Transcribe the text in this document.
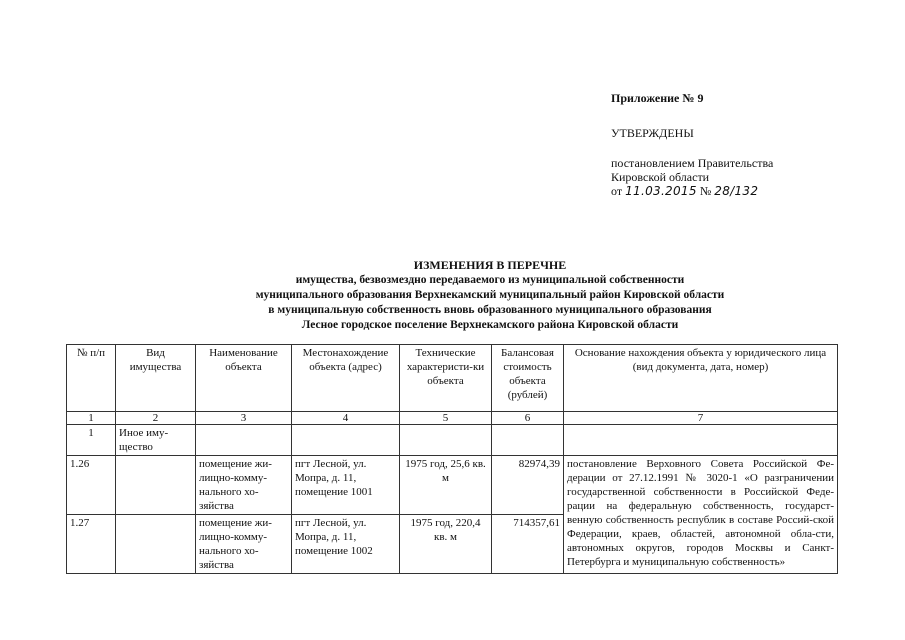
Приложение № 9
УТВЕРЖДЕНЫ
постановлением Правительства
Кировской области
от 11.03.2015 № 28/132
ИЗМЕНЕНИЯ В ПЕРЕЧНЕ
имущества, безвозмездно передаваемого из муниципальной собственности
муниципального образования Верхнекамский муниципальный район Кировской области
в муниципальную собственность вновь образованного муниципального образования
Лесное городское поселение Верхнекамского района Кировской области
№ п/п	Вид имущества	Наименование объекта	Местонахождение объекта (адрес)	Технические характеристи-ки объекта	Балансовая стоимость объекта (рублей)	Основание нахождения объекта у юридического лица (вид документа, дата, номер)
1	2	3	4	5	6	7
1	Иное иму-щество					
1.26		помещение жи-лищно-комму-нального хо-зяйства	пгт Лесной, ул. Мопра, д. 11, помещение 1001	1975 год, 25,6 кв. м	82974,39	постановление Верховного Совета Российской Фе-дерации от 27.12.1991 № 3020-1 «О разграничении государственной собственности в Российской Феде-рации на федеральную собственность, государст-венную собственность республик в составе Россий-ской Федерации, краев, областей, автономной обла-сти, автономных округов, городов Москвы и Санкт-Петербурга и муниципальную собственность»
1.27		помещение жи-лищно-комму-нального хо-зяйства	пгт Лесной, ул. Мопра, д. 11, помещение 1002	1975 год, 220,4 кв. м	714357,61	
